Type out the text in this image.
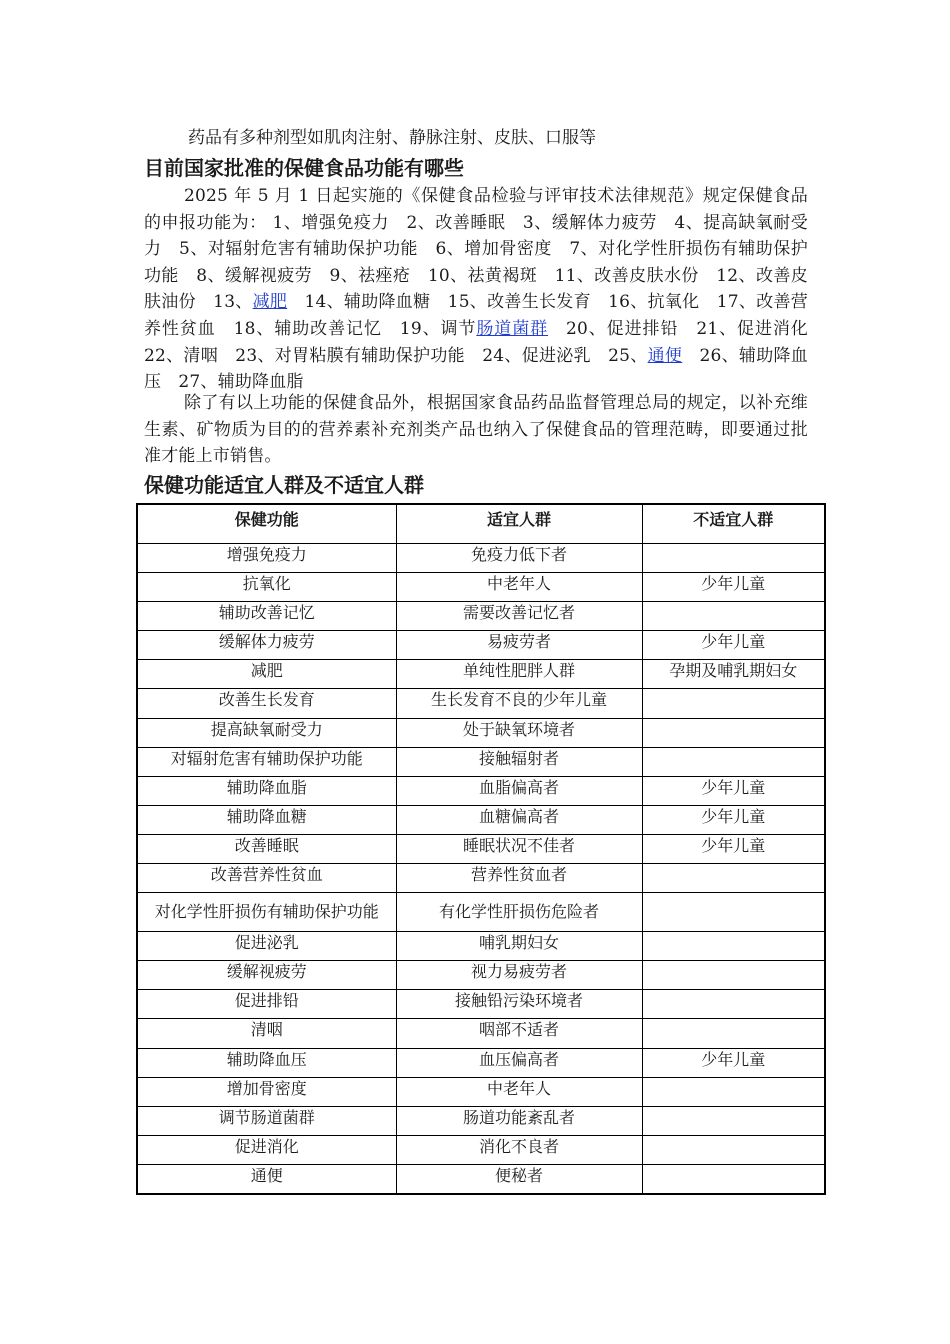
药品有多种剂型如肌肉注射、静脉注射、皮肤、口服等
目前国家批准的保健食品功能有哪些

2025 年 5 月 1 日起实施的《保健食品检验与评审技术法律规范》规定保健食品的申报功能为： 1、增强免疫力　2、改善睡眠　3、缓解体力疲劳　4、提高缺氧耐受力　5、对辐射危害有辅助保护功能　6、增加骨密度　7、对化学性肝损伤有辅助保护功能　8、缓解视疲劳　9、祛痤疮　10、祛黄褐斑　11、改善皮肤水份　12、改善皮肤油份　13、减肥　14、辅助降血糖　15、改善生长发育　16、抗氧化　17、改善营养性贫血　18、辅助改善记忆　19、调节肠道菌群　20、促进排铅　21、促进消化　22、清咽　23、对胃粘膜有辅助保护功能　24、促进泌乳　25、通便　26、辅助降血压　27、辅助降血脂

除了有以上功能的保健食品外，根据国家食品药品监督管理总局的规定，以补充维生素、矿物质为目的的营养素补充剂类产品也纳入了保健食品的管理范畴，即要通过批准才能上市销售。

保健功能适宜人群及不适宜人群
保健功能	适宜人群	不适宜人群
增强免疫力	免疫力低下者	
抗氧化	中老年人	少年儿童
辅助改善记忆	需要改善记忆者	
缓解体力疲劳	易疲劳者	少年儿童
减肥	单纯性肥胖人群	孕期及哺乳期妇女
改善生长发育	生长发育不良的少年儿童	
提高缺氧耐受力	处于缺氧环境者	
对辐射危害有辅助保护功能	接触辐射者	
辅助降血脂	血脂偏高者	少年儿童
辅助降血糖	血糖偏高者	少年儿童
改善睡眠	睡眠状况不佳者	少年儿童
改善营养性贫血	营养性贫血者	
对化学性肝损伤有辅助保护功能	有化学性肝损伤危险者	
促进泌乳	哺乳期妇女	
缓解视疲劳	视力易疲劳者	
促进排铅	接触铅污染环境者	
清咽	咽部不适者	
辅助降血压	血压偏高者	少年儿童
增加骨密度	中老年人	
调节肠道菌群	肠道功能紊乱者	
促进消化	消化不良者	
通便	便秘者	
